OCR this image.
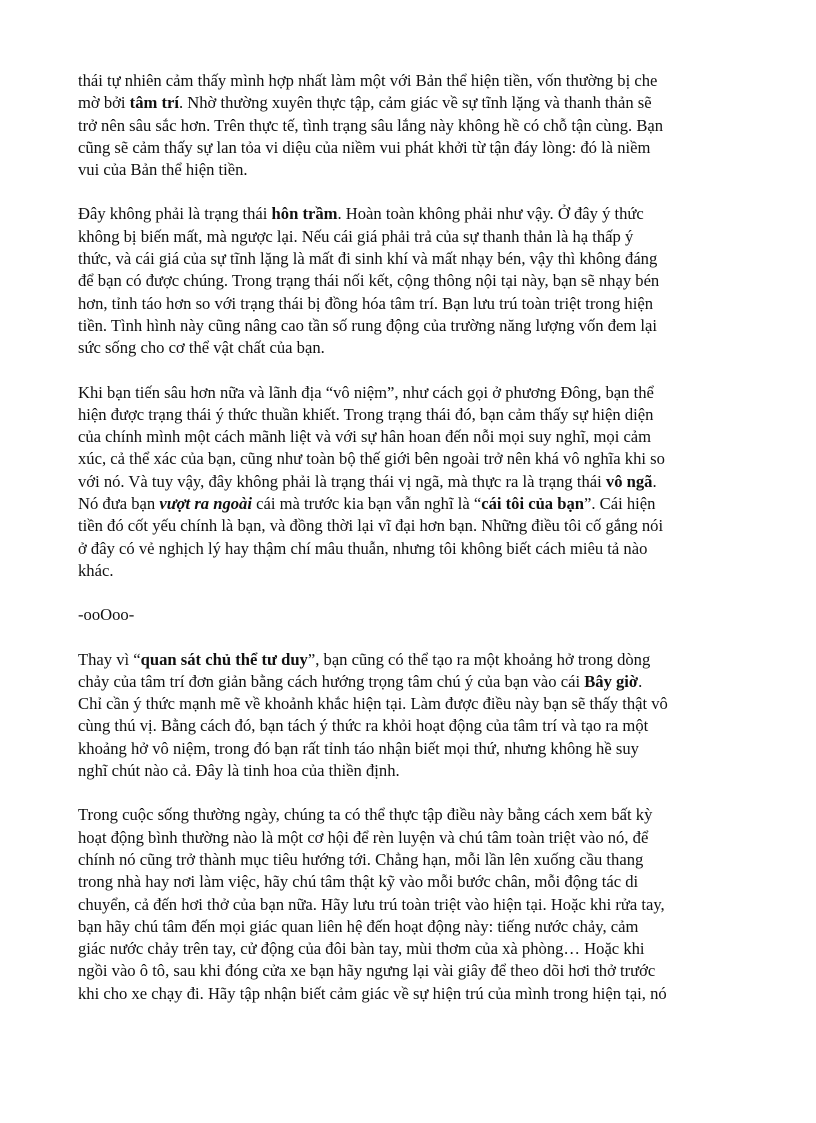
thái tự nhiên cảm thấy mình hợp nhất làm một với Bản thể hiện tiền, vốn thường bị che
mờ bởi tâm trí. Nhờ thường xuyên thực tập, cảm giác về sự tĩnh lặng và thanh thản sẽ
trở nên sâu sắc hơn. Trên thực tế, tình trạng sâu lắng này không hề có chỗ tận cùng. Bạn
cũng sẽ cảm thấy sự lan tỏa vi diệu của niềm vui phát khởi từ tận đáy lòng: đó là niềm
vui của Bản thể hiện tiền.
Đây không phải là trạng thái hôn trầm. Hoàn toàn không phải như vậy. Ở đây ý thức
không bị biến mất, mà ngược lại. Nếu cái giá phải trả của sự thanh thản là hạ thấp ý
thức, và cái giá của sự tĩnh lặng là mất đi sinh khí và mất nhạy bén, vậy thì không đáng
để bạn có được chúng. Trong trạng thái nối kết, cộng thông nội tại này, bạn sẽ nhạy bén
hơn, tỉnh táo hơn so với trạng thái bị đồng hóa tâm trí. Bạn lưu trú toàn triệt trong hiện
tiền. Tình hình này cũng nâng cao tần số rung động của trường năng lượng vốn đem lại
sức sống cho cơ thể vật chất của bạn.
Khi bạn tiến sâu hơn nữa và lãnh địa “vô niệm”, như cách gọi ở phương Đông, bạn thể
hiện được trạng thái ý thức thuần khiết. Trong trạng thái đó, bạn cảm thấy sự hiện diện
của chính mình một cách mãnh liệt và với sự hân hoan đến nỗi mọi suy nghĩ, mọi cảm
xúc, cả thể xác của bạn, cũng như toàn bộ thế giới bên ngoài trở nên khá vô nghĩa khi so
với nó. Và tuy vậy, đây không phải là trạng thái vị ngã, mà thực ra là trạng thái vô ngã.
Nó đưa bạn vượt ra ngoài cái mà trước kia bạn vẫn nghĩ là “cái tôi của bạn”. Cái hiện
tiền đó cốt yếu chính là bạn, và đồng thời lại vĩ đại hơn bạn. Những điều tôi cố gắng nói
ở đây có vẻ nghịch lý hay thậm chí mâu thuẫn, nhưng tôi không biết cách miêu tả nào
khác.
-ooOoo-
Thay vì “quan sát chủ thể tư duy”, bạn cũng có thể tạo ra một khoảng hở trong dòng
chảy của tâm trí đơn giản bằng cách hướng trọng tâm chú ý của bạn vào cái Bây giờ.
Chỉ cần ý thức mạnh mẽ về khoảnh khắc hiện tại. Làm được điều này bạn sẽ thấy thật vô
cùng thú vị. Bằng cách đó, bạn tách ý thức ra khỏi hoạt động của tâm trí và tạo ra một
khoảng hở vô niệm, trong đó bạn rất tỉnh táo nhận biết mọi thứ, nhưng không hề suy
nghĩ chút nào cả. Đây là tinh hoa của thiền định.
Trong cuộc sống thường ngày, chúng ta có thể thực tập điều này bằng cách xem bất kỳ
hoạt động bình thường nào là một cơ hội để rèn luyện và chú tâm toàn triệt vào nó, để
chính nó cũng trở thành mục tiêu hướng tới. Chẳng hạn, mỗi lần lên xuống cầu thang
trong nhà hay nơi làm việc, hãy chú tâm thật kỹ vào mỗi bước chân, mỗi động tác di
chuyển, cả đến hơi thở của bạn nữa. Hãy lưu trú toàn triệt vào hiện tại. Hoặc khi rửa tay,
bạn hãy chú tâm đến mọi giác quan liên hệ đến hoạt động này: tiếng nước chảy, cảm
giác nước chảy trên tay, cử động của đôi bàn tay, mùi thơm của xà phòng… Hoặc khi
ngồi vào ô tô, sau khi đóng cửa xe bạn hãy ngưng lại vài giây để theo dõi hơi thở trước
khi cho xe chạy đi. Hãy tập nhận biết cảm giác về sự hiện trú của mình trong hiện tại, nó
